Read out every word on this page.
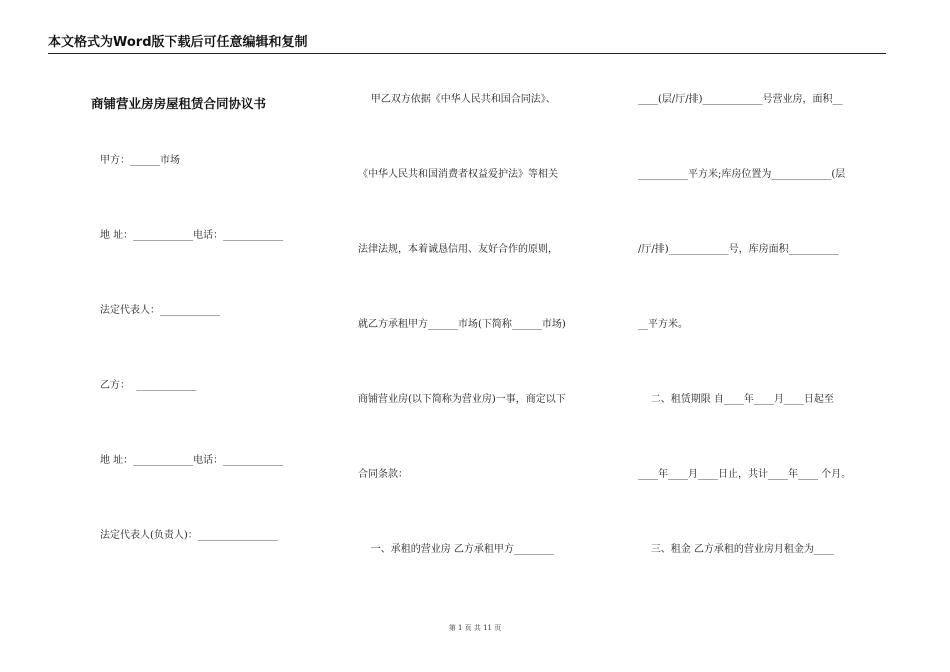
本文格式为Word版下载后可任意编辑和复制
商铺营业房房屋租赁合同协议书
甲方：______市场
地 址：____________电话：____________
法定代表人：____________
乙方：  ____________
地 址：____________电话：____________
法定代表人(负责人)：________________
甲乙双方依据《中华人民共和国合同法》、
《中华人民共和国消费者权益爱护法》等相关
法律法规，本着诚恳信用、友好合作的原则，
就乙方承租甲方______市场(下简称______市场)
商铺营业房(以下简称为营业房)一事，商定以下
合同条款：
一、承租的营业房 乙方承租甲方________
____(层/厅/排)____________号营业房，面积__
__________平方米;库房位置为____________(层
/厅/排)____________号，库房面积__________
__平方米。
二、租赁期限 自____年____月____日起至
____年____月____日止，共计____年____ 个月。
三、租金 乙方承租的营业房月租金为____
第 1 页 共 11 页
